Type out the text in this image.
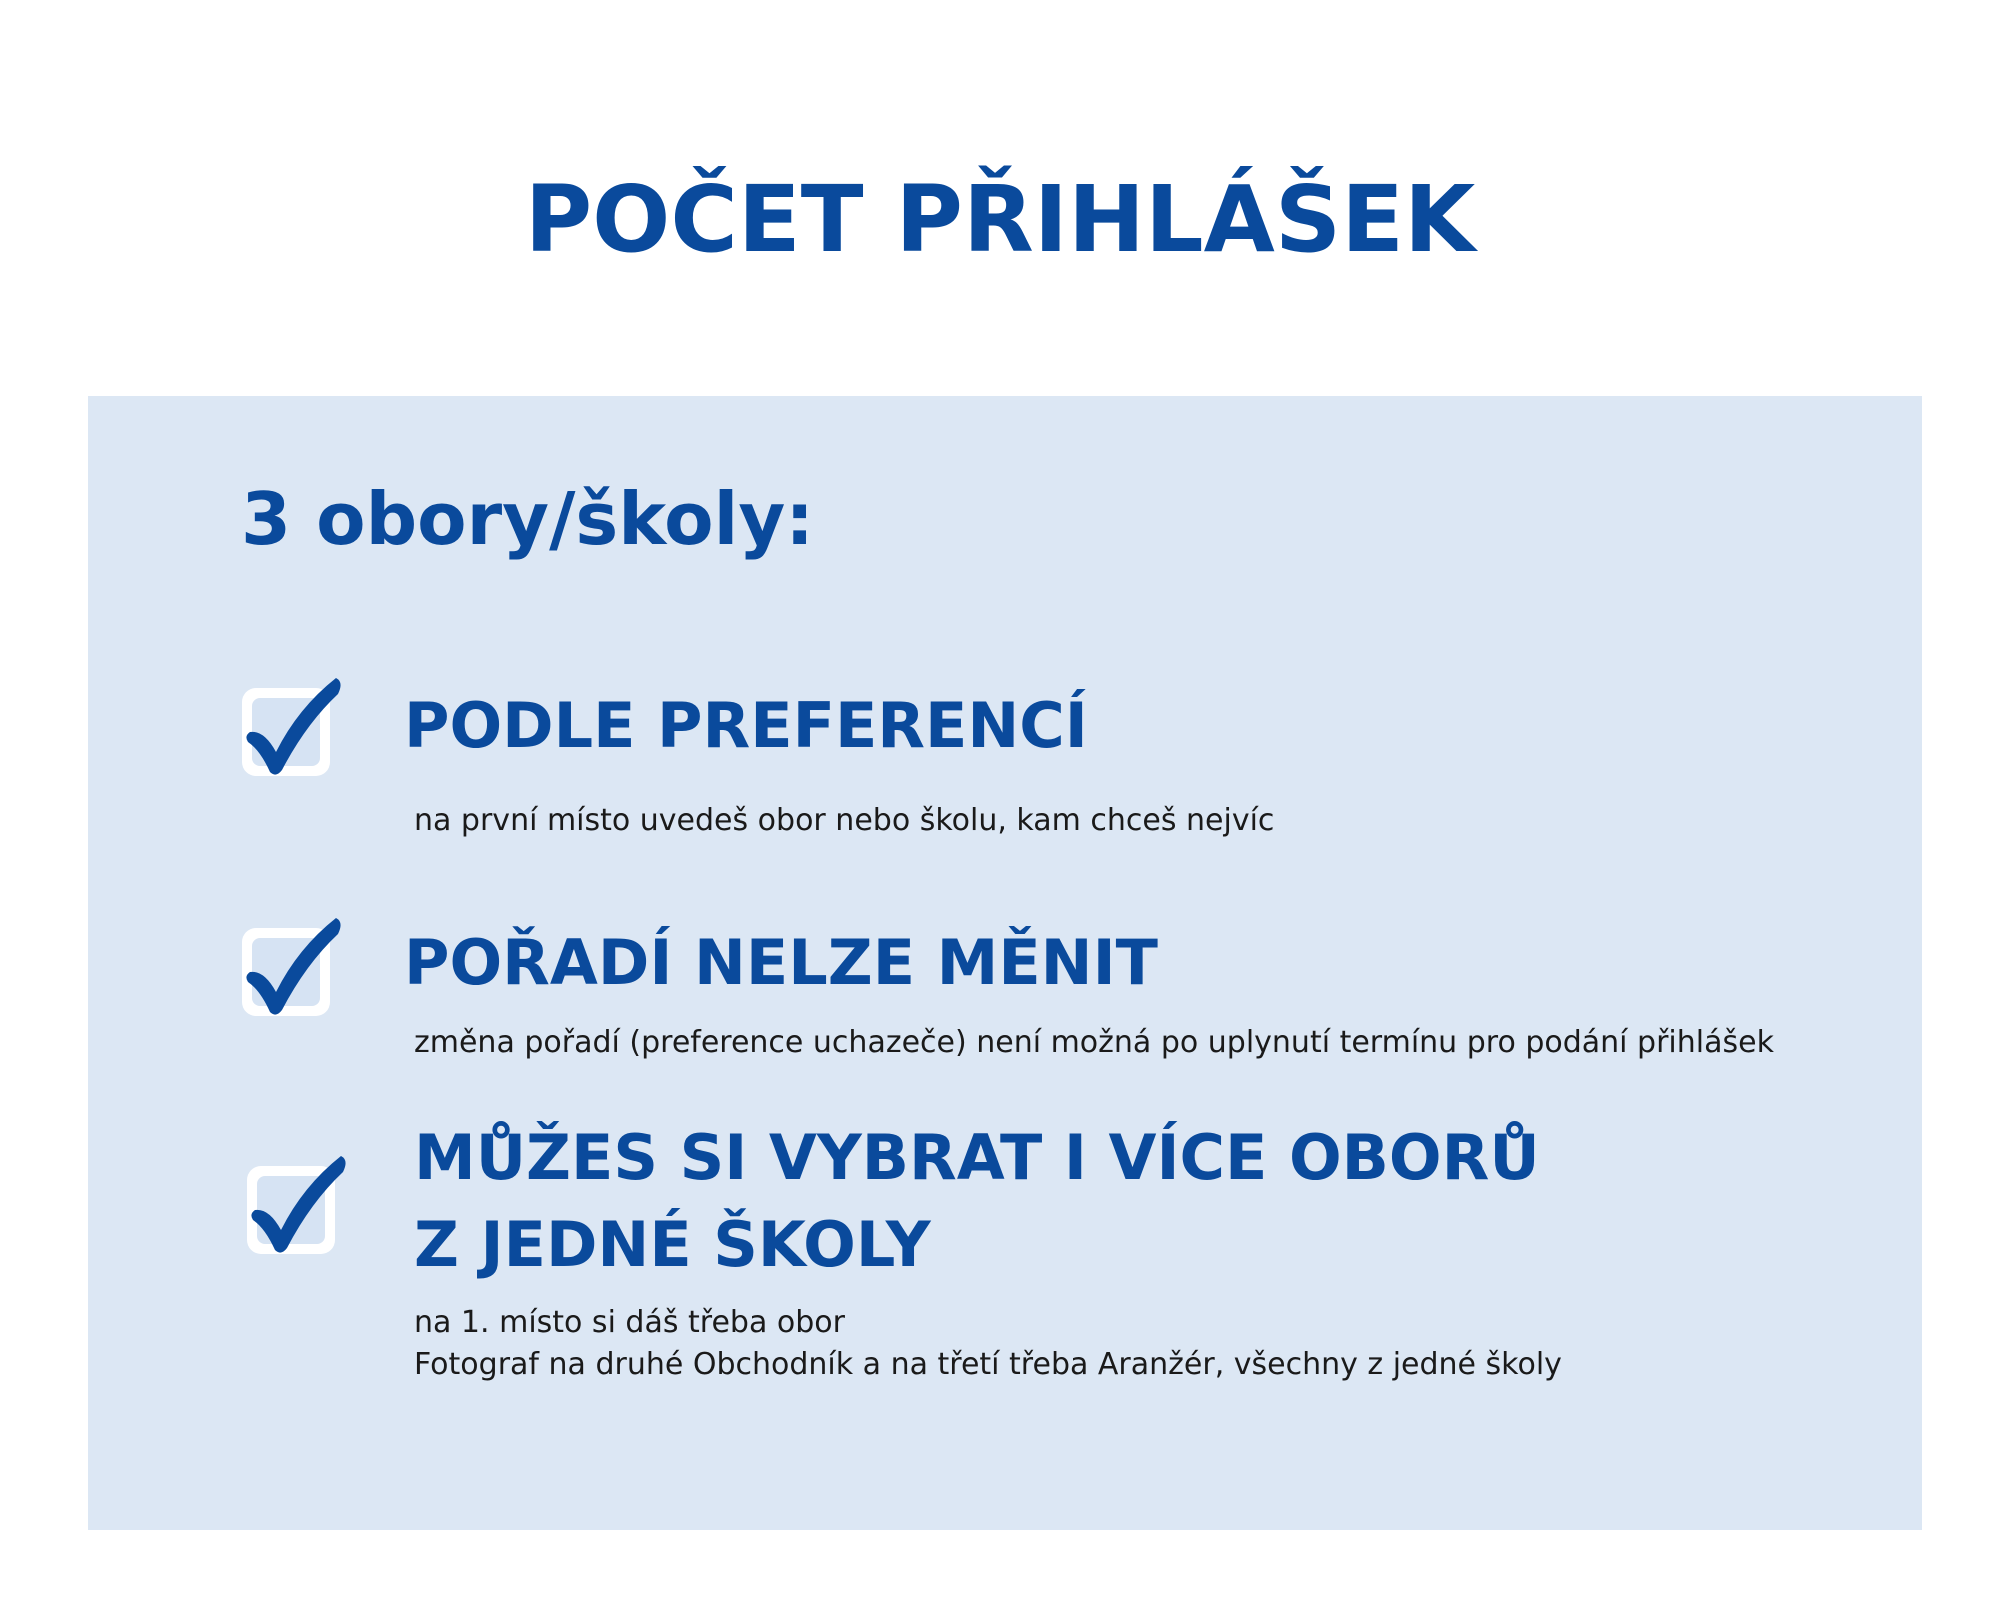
POČET PŘIHLÁŠEK
3 obory/školy:
PODLE PREFERENCÍ

na první místo uvedeš obor nebo školu, kam chceš nejvíc

POŘADÍ NELZE MĚNIT

změna pořadí (preference uchazeče) není možná po uplynutí termínu pro podání přihlášek

MŮŽES SI VYBRAT I VÍCE OBORŮ
Z JEDNÉ ŠKOLY

na 1. místo si dáš třeba obor

Fotograf na druhé Obchodník a na třetí třeba Aranžér, všechny z jedné školy
